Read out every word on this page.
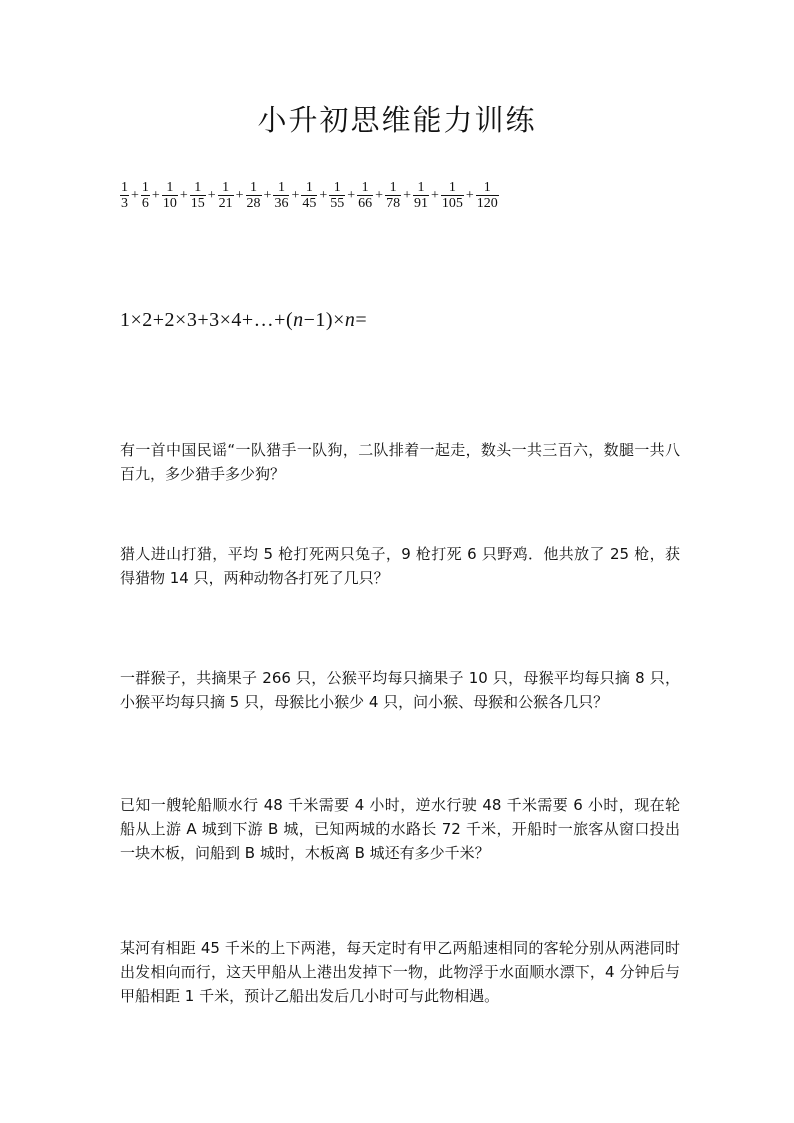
小升初思维能力训练
$\frac{1}{3} + \frac{1}{6} + \frac{1}{10} + \frac{1}{15} + \frac{1}{21} + \frac{1}{28} + \frac{1}{36} + \frac{1}{45} + \frac{1}{55} + \frac{1}{66} + \frac{1}{78} + \frac{1}{91} + \frac{1}{105} + \frac{1}{120}$
1×2+2×3+3×4+…+(n−1)×n=
有一首中国民谣“一队猎手一队狗，二队排着一起走，数头一共三百六，数腿一共八百九，多少猎手多少狗？
猎人进山打猎，平均 5 枪打死两只兔子，9 枪打死 6 只野鸡．他共放了 25 枪，获得猎物 14 只，两种动物各打死了几只？
一群猴子，共摘果子 266 只，公猴平均每只摘果子 10 只，母猴平均每只摘 8 只，小猴平均每只摘 5 只，母猴比小猴少 4 只，问小猴、母猴和公猴各几只？
已知一艘轮船顺水行 48 千米需要 4 小时，逆水行驶 48 千米需要 6 小时，现在轮船从上游 A 城到下游 B 城，已知两城的水路长 72 千米，开船时一旅客从窗口投出一块木板，问船到 B 城时，木板离 B 城还有多少千米？
某河有相距 45 千米的上下两港，每天定时有甲乙两船速相同的客轮分别从两港同时出发相向而行，这天甲船从上港出发掉下一物，此物浮于水面顺水漂下，4 分钟后与甲船相距 1 千米，预计乙船出发后几小时可与此物相遇。
